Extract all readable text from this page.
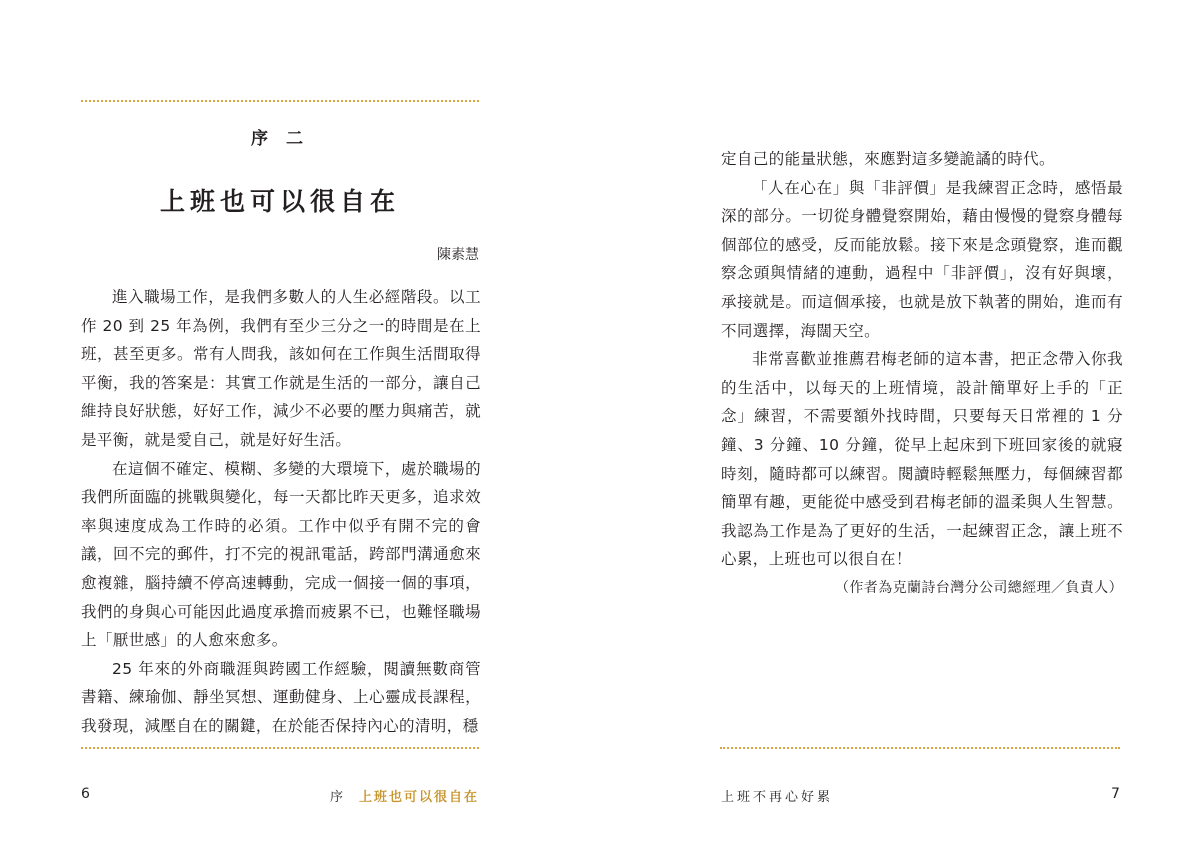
序 二
上班也可以很自在
陳素慧

進入職場工作，是我們多數人的人生必經階段。以工作 20 到 25 年為例，我們有至少三分之一的時間是在上班，甚至更多。常有人問我，該如何在工作與生活間取得平衡，我的答案是：其實工作就是生活的一部分，讓自己維持良好狀態，好好工作，減少不必要的壓力與痛苦，就是平衡，就是愛自己，就是好好生活。

在這個不確定、模糊、多變的大環境下，處於職場的我們所面臨的挑戰與變化，每一天都比昨天更多，追求效率與速度成為工作時的必須。工作中似乎有開不完的會議，回不完的郵件，打不完的視訊電話，跨部門溝通愈來愈複雜，腦持續不停高速轉動，完成一個接一個的事項，我們的身與心可能因此過度承擔而疲累不已，也難怪職場上「厭世感」的人愈來愈多。

25 年來的外商職涯與跨國工作經驗，閱讀無數商管書籍、練瑜伽、靜坐冥想、運動健身、上心靈成長課程，我發現，減壓自在的關鍵，在於能否保持內心的清明，穩

6	序 上班也可以很自在

定自己的能量狀態，來應對這多變詭譎的時代。

「人在心在」與「非評價」是我練習正念時，感悟最深的部分。一切從身體覺察開始，藉由慢慢的覺察身體每個部位的感受，反而能放鬆。接下來是念頭覺察，進而觀察念頭與情緒的連動，過程中「非評價」，沒有好與壞，承接就是。而這個承接，也就是放下執著的開始，進而有不同選擇，海闊天空。

非常喜歡並推薦君梅老師的這本書，把正念帶入你我的生活中，以每天的上班情境，設計簡單好上手的「正念」練習，不需要額外找時間，只要每天日常裡的 1 分鐘、3 分鐘、10 分鐘，從早上起床到下班回家後的就寢時刻，隨時都可以練習。閱讀時輕鬆無壓力，每個練習都簡單有趣，更能從中感受到君梅老師的溫柔與人生智慧。我認為工作是為了更好的生活，一起練習正念，讓上班不心累，上班也可以很自在！

（作者為克蘭詩台灣分公司總經理／負責人）

上班不再心好累	7
